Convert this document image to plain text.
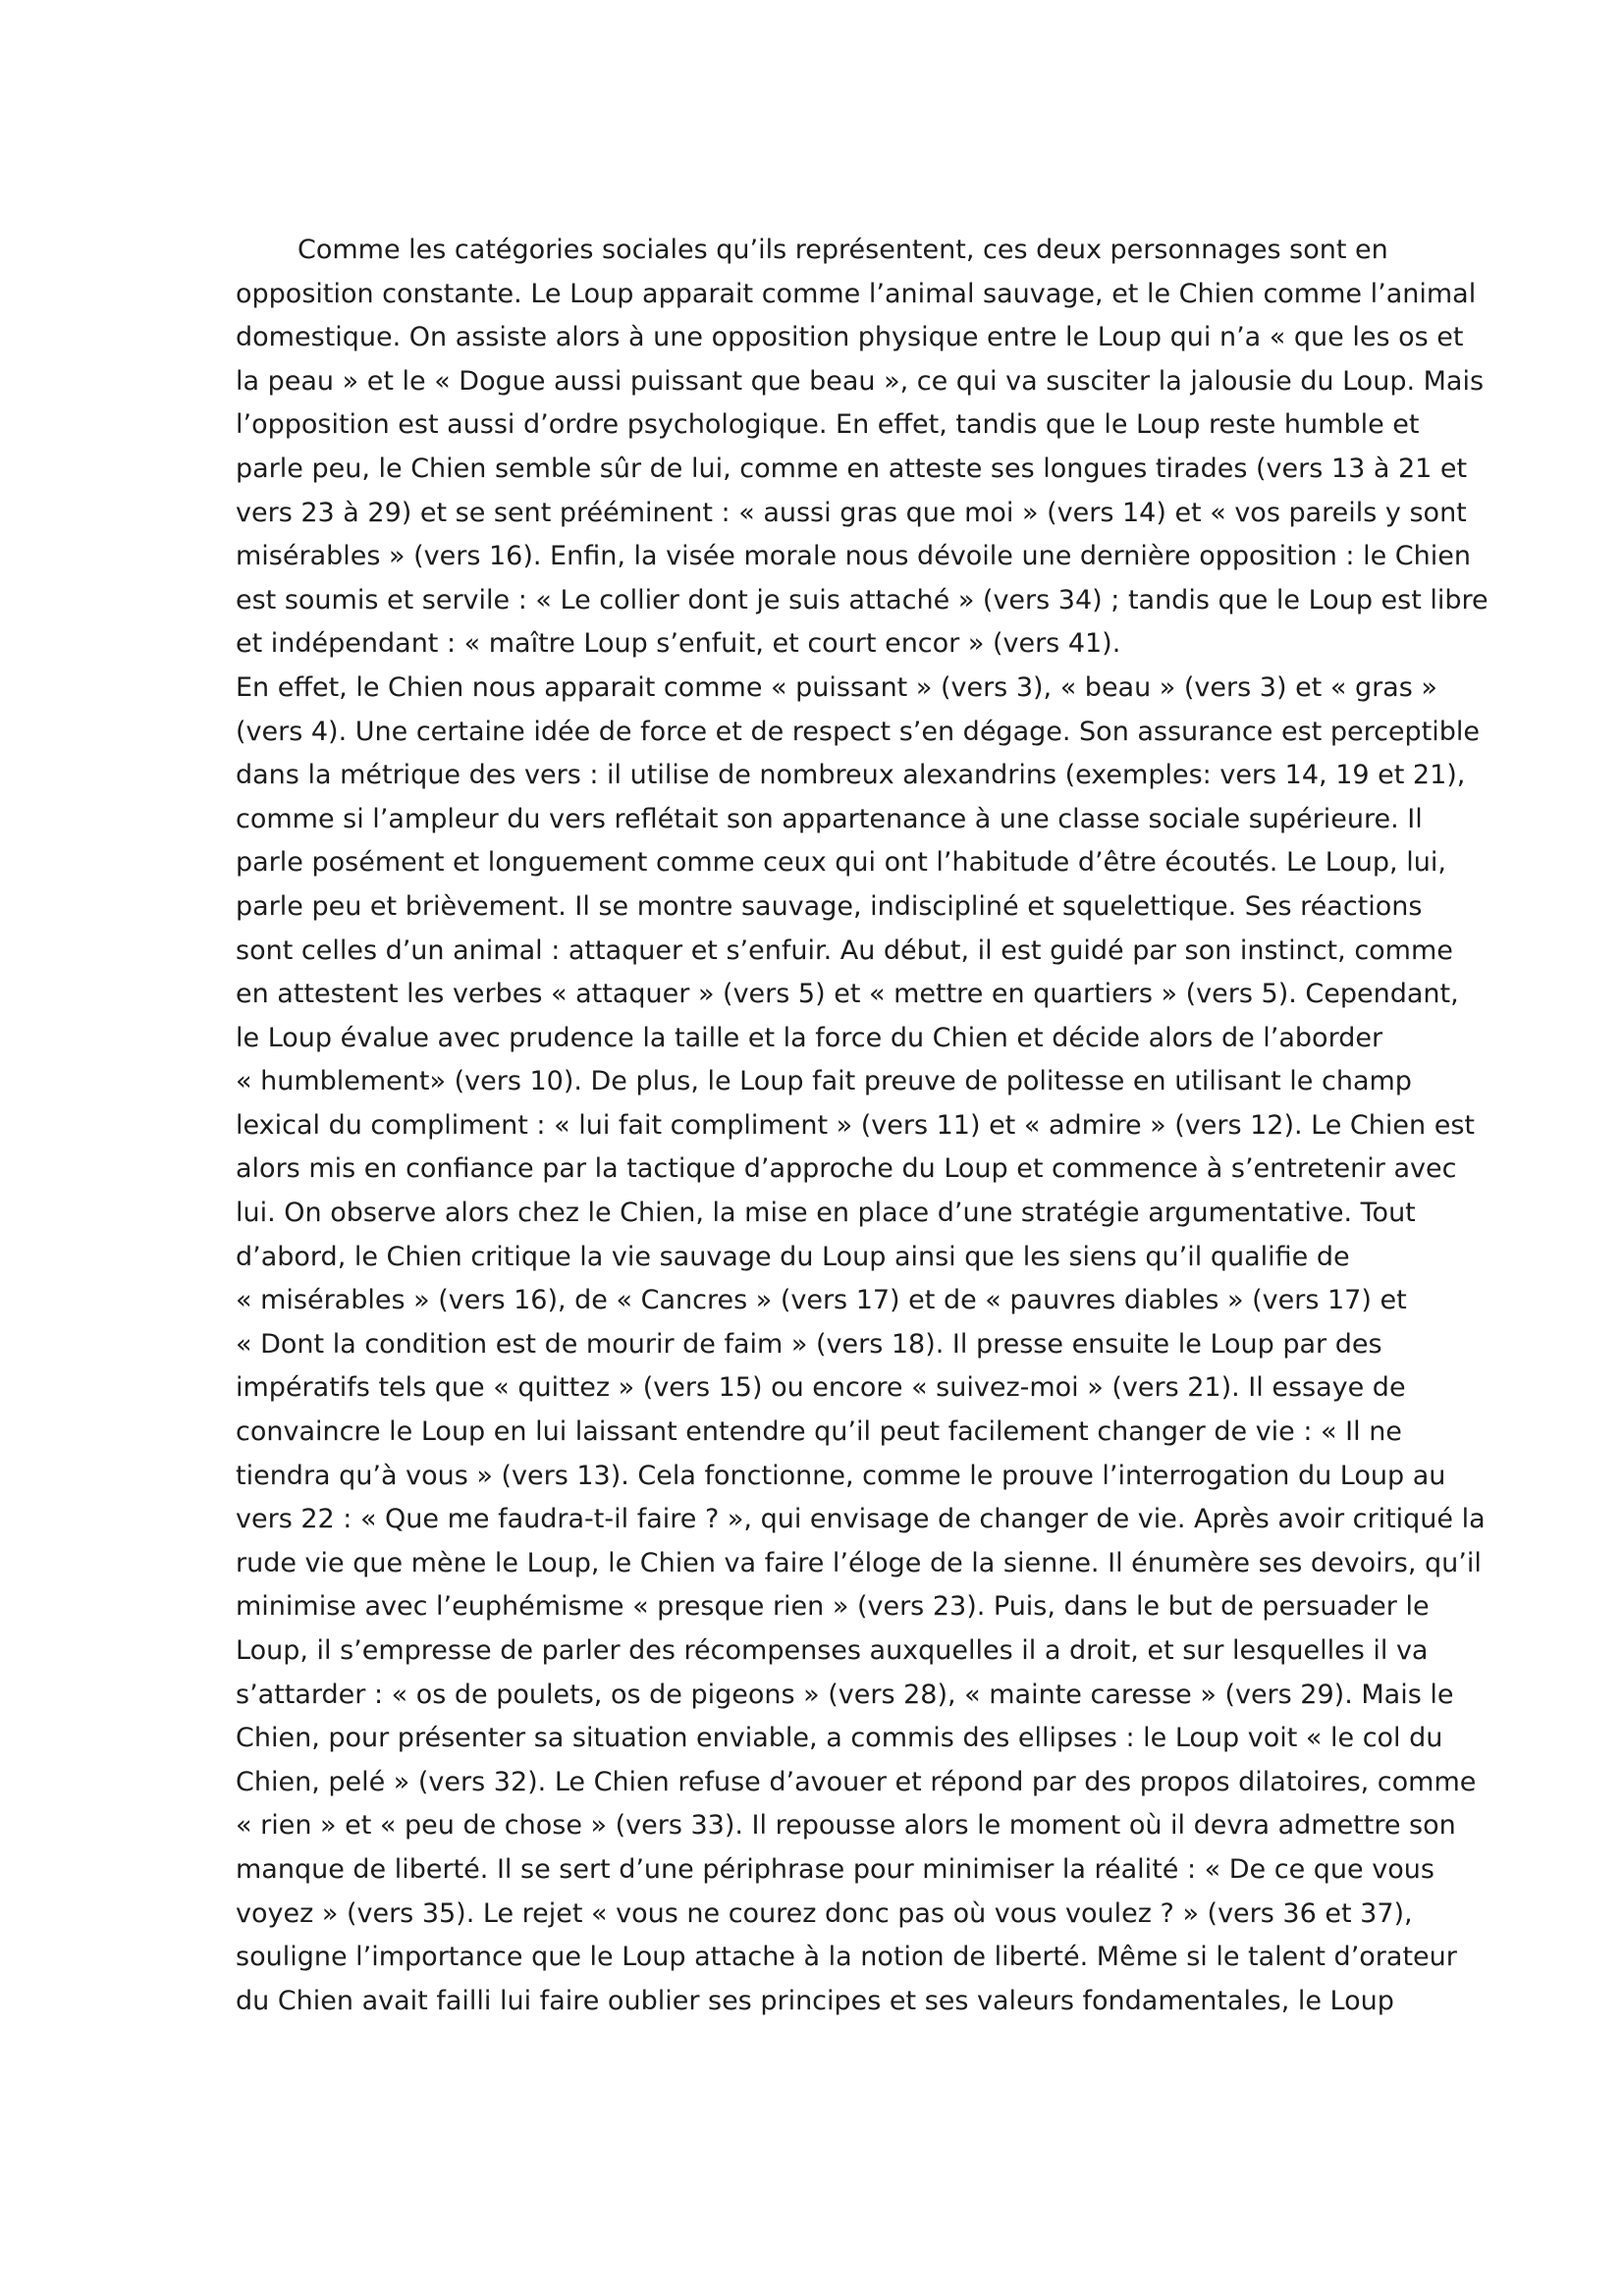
Comme les catégories sociales qu’ils représentent, ces deux personnages sont en
opposition constante. Le Loup apparait comme l’animal sauvage, et le Chien comme l’animal
domestique. On assiste alors à une opposition physique entre le Loup qui n’a « que les os et
la peau » et le « Dogue aussi puissant que beau », ce qui va susciter la jalousie du Loup. Mais
l’opposition est aussi d’ordre psychologique. En effet, tandis que le Loup reste humble et
parle peu, le Chien semble sûr de lui, comme en atteste ses longues tirades (vers 13 à 21 et
vers 23 à 29) et se sent prééminent : « aussi gras que moi » (vers 14) et « vos pareils y sont
misérables » (vers 16). Enfin, la visée morale nous dévoile une dernière opposition : le Chien
est soumis et servile : « Le collier dont je suis attaché » (vers 34) ; tandis que le Loup est libre
et indépendant : « maître Loup s’enfuit, et court encor » (vers 41).
En effet, le Chien nous apparait comme « puissant » (vers 3), « beau » (vers 3) et « gras »
(vers 4). Une certaine idée de force et de respect s’en dégage. Son assurance est perceptible
dans la métrique des vers : il utilise de nombreux alexandrins (exemples: vers 14, 19 et 21),
comme si l’ampleur du vers reflétait son appartenance à une classe sociale supérieure. Il
parle posément et longuement comme ceux qui ont l’habitude d’être écoutés. Le Loup, lui,
parle peu et brièvement. Il se montre sauvage, indiscipliné et squelettique. Ses réactions
sont celles d’un animal : attaquer et s’enfuir. Au début, il est guidé par son instinct, comme
en attestent les verbes « attaquer » (vers 5) et « mettre en quartiers » (vers 5). Cependant,
le Loup évalue avec prudence la taille et la force du Chien et décide alors de l’aborder
« humblement» (vers 10). De plus, le Loup fait preuve de politesse en utilisant le champ
lexical du compliment : « lui fait compliment » (vers 11) et « admire » (vers 12). Le Chien est
alors mis en confiance par la tactique d’approche du Loup et commence à s’entretenir avec
lui. On observe alors chez le Chien, la mise en place d’une stratégie argumentative. Tout
d’abord, le Chien critique la vie sauvage du Loup ainsi que les siens qu’il qualifie de
« misérables » (vers 16), de « Cancres » (vers 17) et de « pauvres diables » (vers 17) et
« Dont la condition est de mourir de faim » (vers 18). Il presse ensuite le Loup par des
impératifs tels que « quittez » (vers 15) ou encore « suivez-moi » (vers 21). Il essaye de
convaincre le Loup en lui laissant entendre qu’il peut facilement changer de vie : « Il ne
tiendra qu’à vous » (vers 13). Cela fonctionne, comme le prouve l’interrogation du Loup au
vers 22 : « Que me faudra-t-il faire ? », qui envisage de changer de vie. Après avoir critiqué la
rude vie que mène le Loup, le Chien va faire l’éloge de la sienne. Il énumère ses devoirs, qu’il
minimise avec l’euphémisme « presque rien » (vers 23). Puis, dans le but de persuader le
Loup, il s’empresse de parler des récompenses auxquelles il a droit, et sur lesquelles il va
s’attarder : « os de poulets, os de pigeons » (vers 28), « mainte caresse » (vers 29). Mais le
Chien, pour présenter sa situation enviable, a commis des ellipses : le Loup voit « le col du
Chien, pelé » (vers 32). Le Chien refuse d’avouer et répond par des propos dilatoires, comme
« rien » et « peu de chose » (vers 33). Il repousse alors le moment où il devra admettre son
manque de liberté. Il se sert d’une périphrase pour minimiser la réalité : « De ce que vous
voyez » (vers 35). Le rejet « vous ne courez donc pas où vous voulez ? » (vers 36 et 37),
souligne l’importance que le Loup attache à la notion de liberté. Même si le talent d’orateur
du Chien avait failli lui faire oublier ses principes et ses valeurs fondamentales, le Loup
